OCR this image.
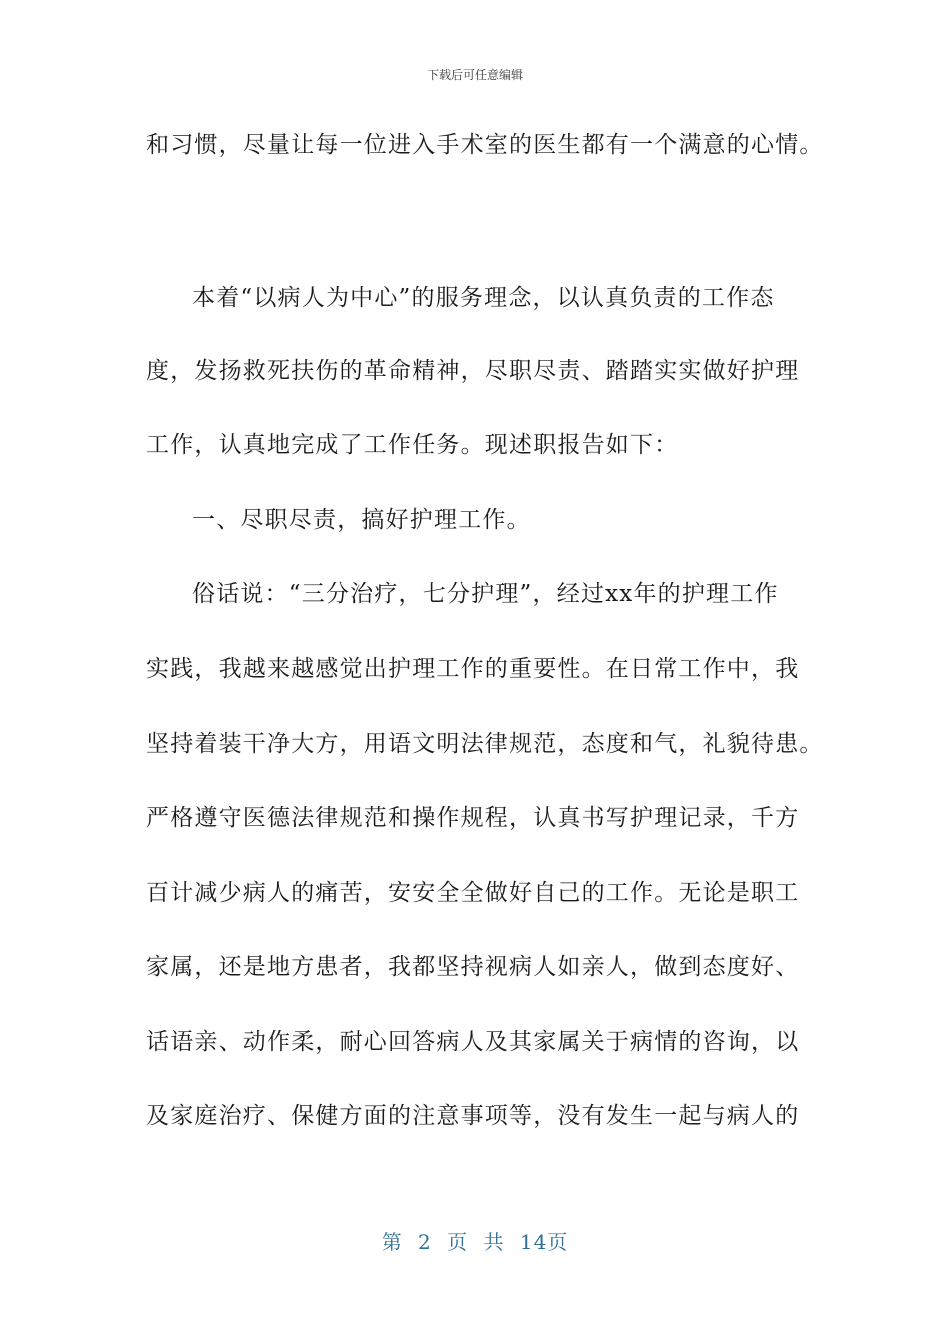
下载后可任意编辑
和习惯，尽量让每一位进入手术室的医生都有一个满意的心情。
本着“以病人为中心”的服务理念，以认真负责的工作态
度，发扬救死扶伤的革命精神，尽职尽责、踏踏实实做好护理
工作，认真地完成了工作任务。现述职报告如下：
一、尽职尽责，搞好护理工作。
俗话说：“三分治疗，七分护理”，经过xx年的护理工作
实践，我越来越感觉出护理工作的重要性。在日常工作中，我
坚持着装干净大方，用语文明法律规范，态度和气，礼貌待患。
严格遵守医德法律规范和操作规程，认真书写护理记录，千方
百计减少病人的痛苦，安安全全做好自己的工作。无论是职工
家属，还是地方患者，我都坚持视病人如亲人，做到态度好、
话语亲、动作柔，耐心回答病人及其家属关于病情的咨询，以
及家庭治疗、保健方面的注意事项等，没有发生一起与病人的
第 2 页 共 14页
